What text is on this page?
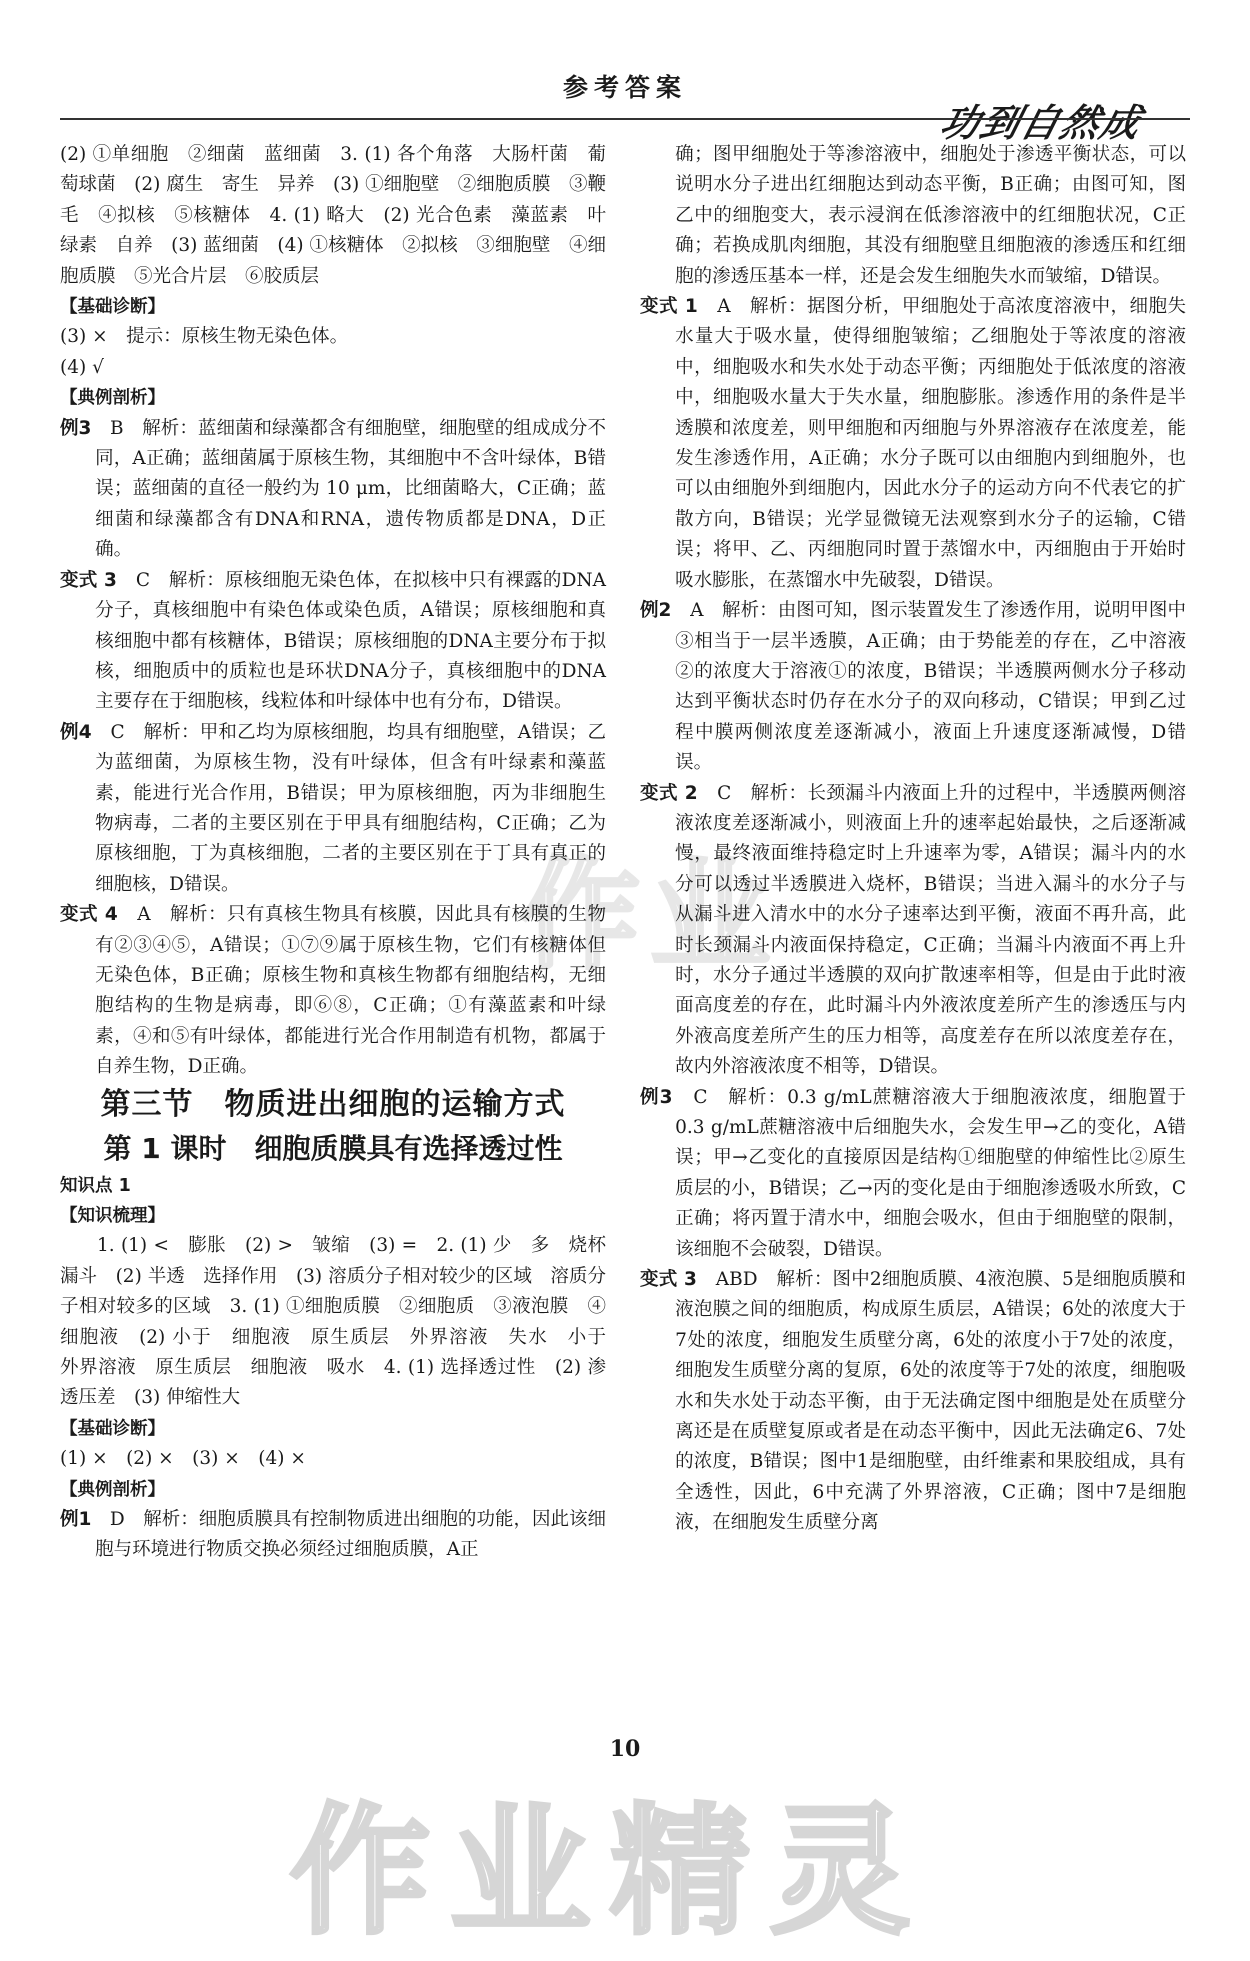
参考答案
功到自然成
作业

(2) ①单细胞　②细菌　蓝细菌　3. (1) 各个角落　大肠杆菌　葡萄球菌　(2) 腐生　寄生　异养　(3) ①细胞壁　②细胞质膜　③鞭毛　④拟核　⑤核糖体　4. (1) 略大　(2) 光合色素　藻蓝素　叶绿素　自养　(3) 蓝细菌　(4) ①核糖体　②拟核　③细胞壁　④细胞质膜　⑤光合片层　⑥胶质层

【基础诊断】

(3) ×　提示：原核生物无染色体。

(4) √

【典例剖析】

例3　 B　解析：蓝细菌和绿藻都含有细胞壁，细胞壁的组成成分不同，A正确；蓝细菌属于原核生物，其细胞中不含叶绿体，B错误；蓝细菌的直径一般约为 10 μm，比细菌略大，C正确；蓝细菌和绿藻都含有DNA和RNA，遗传物质都是DNA，D正确。

变式 3　 C　解析：原核细胞无染色体，在拟核中只有裸露的DNA分子，真核细胞中有染色体或染色质，A错误；原核细胞和真核细胞中都有核糖体，B错误；原核细胞的DNA主要分布于拟核，细胞质中的质粒也是环状DNA分子，真核细胞中的DNA主要存在于细胞核，线粒体和叶绿体中也有分布，D错误。

例4　 C　解析：甲和乙均为原核细胞，均具有细胞壁，A错误；乙为蓝细菌，为原核生物，没有叶绿体，但含有叶绿素和藻蓝素，能进行光合作用，B错误；甲为原核细胞，丙为非细胞生物病毒，二者的主要区别在于甲具有细胞结构，C正确；乙为原核细胞，丁为真核细胞，二者的主要区别在于丁具有真正的细胞核，D错误。

变式 4　 A　解析：只有真核生物具有核膜，因此具有核膜的生物有②③④⑤，A错误；①⑦⑨属于原核生物，它们有核糖体但无染色体，B正确；原核生物和真核生物都有细胞结构，无细胞结构的生物是病毒，即⑥⑧，C正确；①有藻蓝素和叶绿素，④和⑤有叶绿体，都能进行光合作用制造有机物，都属于自养生物，D正确。

第三节　物质进出细胞的运输方式

第 1 课时　细胞质膜具有选择透过性

知识点 1

【知识梳理】

1. (1) <　膨胀　(2) >　皱缩　(3) =　2. (1) 少　多　烧杯　漏斗　(2) 半透　选择作用　(3) 溶质分子相对较少的区域　溶质分子相对较多的区域　3. (1) ①细胞质膜　②细胞质　③液泡膜　④细胞液　(2) 小于　细胞液　原生质层　外界溶液　失水　小于　外界溶液　原生质层　细胞液　吸水　4. (1) 选择透过性　(2) 渗透压差　(3) 伸缩性大

【基础诊断】

(1) ×　(2) ×　(3) ×　(4) ×

【典例剖析】

例1　 D　解析：细胞质膜具有控制物质进出细胞的功能，因此该细胞与环境进行物质交换必须经过细胞质膜，A正

确；图甲细胞处于等渗溶液中，细胞处于渗透平衡状态，可以说明水分子进出红细胞达到动态平衡，B正确；由图可知，图乙中的细胞变大，表示浸润在低渗溶液中的红细胞状况，C正确；若换成肌肉细胞，其没有细胞壁且细胞液的渗透压和红细胞的渗透压基本一样，还是会发生细胞失水而皱缩，D错误。

变式 1　 A　解析：据图分析，甲细胞处于高浓度溶液中，细胞失水量大于吸水量，使得细胞皱缩；乙细胞处于等浓度的溶液中，细胞吸水和失水处于动态平衡；丙细胞处于低浓度的溶液中，细胞吸水量大于失水量，细胞膨胀。渗透作用的条件是半透膜和浓度差，则甲细胞和丙细胞与外界溶液存在浓度差，能发生渗透作用，A正确；水分子既可以由细胞内到细胞外，也可以由细胞外到细胞内，因此水分子的运动方向不代表它的扩散方向，B错误；光学显微镜无法观察到水分子的运输，C错误；将甲、乙、丙细胞同时置于蒸馏水中，丙细胞由于开始时吸水膨胀，在蒸馏水中先破裂，D错误。

例2　 A　解析：由图可知，图示装置发生了渗透作用，说明甲图中③相当于一层半透膜，A正确；由于势能差的存在，乙中溶液②的浓度大于溶液①的浓度，B错误；半透膜两侧水分子移动达到平衡状态时仍存在水分子的双向移动，C错误；甲到乙过程中膜两侧浓度差逐渐减小，液面上升速度逐渐减慢，D错误。

变式 2　 C　解析：长颈漏斗内液面上升的过程中，半透膜两侧溶液浓度差逐渐减小，则液面上升的速率起始最快，之后逐渐减慢，最终液面维持稳定时上升速率为零，A错误；漏斗内的水分可以透过半透膜进入烧杯，B错误；当进入漏斗的水分子与从漏斗进入清水中的水分子速率达到平衡，液面不再升高，此时长颈漏斗内液面保持稳定，C正确；当漏斗内液面不再上升时，水分子通过半透膜的双向扩散速率相等，但是由于此时液面高度差的存在，此时漏斗内外液浓度差所产生的渗透压与内外液高度差所产生的压力相等，高度差存在所以浓度差存在，故内外溶液浓度不相等，D错误。

例3　 C　解析：0.3 g/mL蔗糖溶液大于细胞液浓度，细胞置于0.3 g/mL蔗糖溶液中后细胞失水，会发生甲→乙的变化，A错误；甲→乙变化的直接原因是结构①细胞壁的伸缩性比②原生质层的小，B错误；乙→丙的变化是由于细胞渗透吸水所致，C正确；将丙置于清水中，细胞会吸水，但由于细胞壁的限制，该细胞不会破裂，D错误。

变式 3　 ABD　解析：图中2细胞质膜、4液泡膜、5是细胞质膜和液泡膜之间的细胞质，构成原生质层，A错误；6处的浓度大于7处的浓度，细胞发生质壁分离，6处的浓度小于7处的浓度，细胞发生质壁分离的复原，6处的浓度等于7处的浓度，细胞吸水和失水处于动态平衡，由于无法确定图中细胞是处在质壁分离还是在质壁复原或者是在动态平衡中，因此无法确定6、7处的浓度，B错误；图中1是细胞壁，由纤维素和果胶组成，具有全透性，因此，6中充满了外界溶液，C正确；图中7是细胞液，在细胞发生质壁分离

10
作业精灵
